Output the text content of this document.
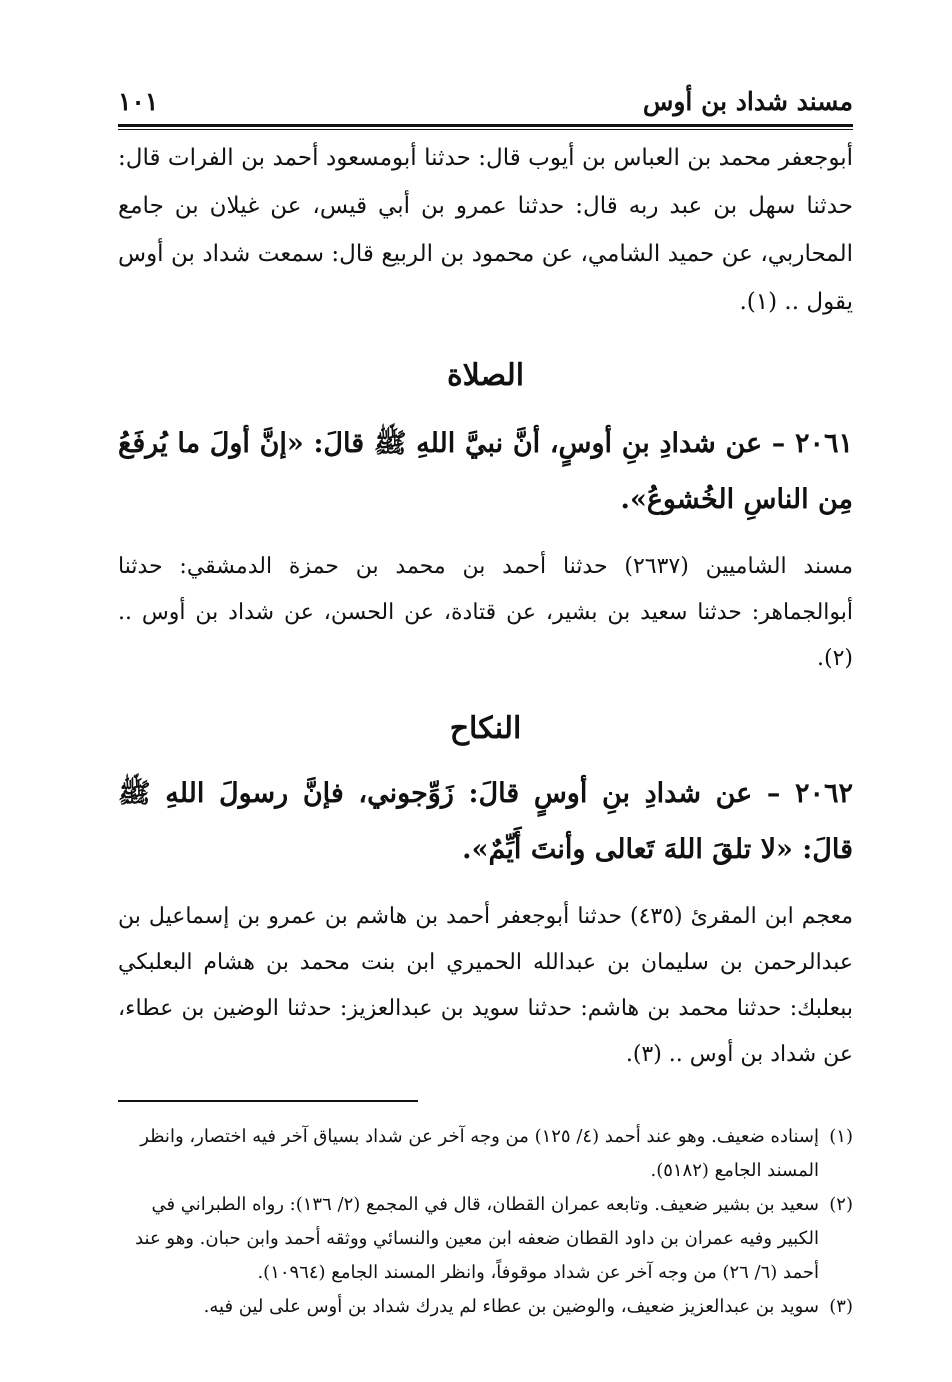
مسند شداد بن أوس
١٠١

أبوجعفر محمد بن العباس بن أيوب قال: حدثنا أبومسعود أحمد بن الفرات قال: حدثنا سهل بن عبد ربه قال: حدثنا عمرو بن أبي قيس، عن غيلان بن جامع المحاربي، عن حميد الشامي، عن محمود بن الربيع قال: سمعت شداد بن أوس يقول .. (١).

الصلاة

٢٠٦١ – عن شدادِ بنِ أوسٍ، أنَّ نبيَّ اللهِ ﷺ قالَ: «إنَّ أولَ ما يُرفَعُ مِن الناسِ الخُشوعُ».

مسند الشاميين (٢٦٣٧) حدثنا أحمد بن محمد بن حمزة الدمشقي: حدثنا أبوالجماهر: حدثنا سعيد بن بشير، عن قتادة، عن الحسن، عن شداد بن أوس .. (٢).

النكاح

٢٠٦٢ – عن شدادِ بنِ أوسٍ قالَ: زَوِّجوني، فإنَّ رسولَ اللهِ ﷺ قالَ: «لا تلقَ اللهَ تَعالى وأنتَ أَيِّمٌ».

معجم ابن المقرئ (٤٣٥) حدثنا أبوجعفر أحمد بن هاشم بن عمرو بن إسماعيل بن عبدالرحمن بن سليمان بن عبدالله الحميري ابن بنت محمد بن هشام البعلبكي ببعلبك: حدثنا محمد بن هاشم: حدثنا سويد بن عبدالعزيز: حدثنا الوضين بن عطاء، عن شداد بن أوس .. (٣).

(١)
إسناده ضعيف. وهو عند أحمد (٤/ ١٢٥) من وجه آخر عن شداد بسياق آخر فيه اختصار، وانظر المسند الجامع (٥١٨٢).
(٢)
سعيد بن بشير ضعيف. وتابعه عمران القطان، قال في المجمع (٢/ ١٣٦): رواه الطبراني في الكبير وفيه عمران بن داود القطان ضعفه ابن معين والنسائي ووثقه أحمد وابن حبان. وهو عند أحمد (٦/ ٢٦) من وجه آخر عن شداد موقوفاً، وانظر المسند الجامع (١٠٩٦٤).
(٣)
سويد بن عبدالعزيز ضعيف، والوضين بن عطاء لم يدرك شداد بن أوس على لين فيه.
